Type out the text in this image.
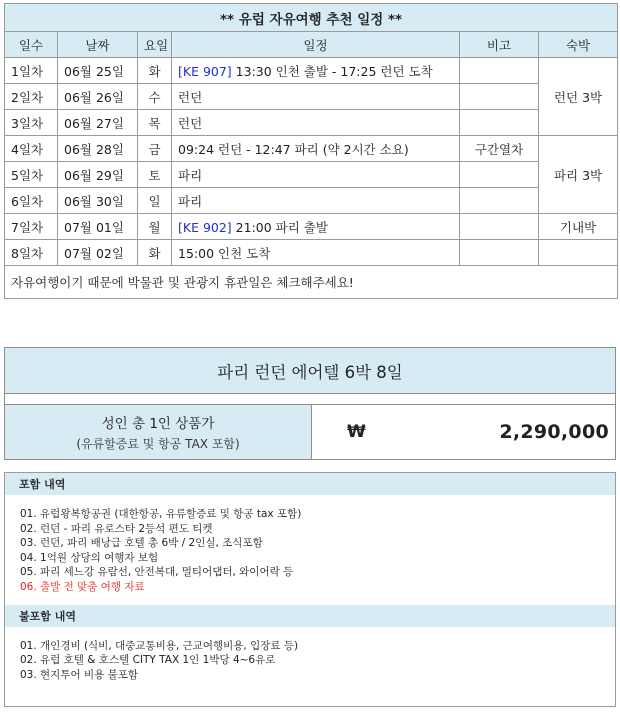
** 유럽 자유여행 추천 일정 **					
일수	날짜	요일	일정	비고	숙박
1일차	06월 25일	화	[KE 907] 13:30 인천 출발 - 17:25 런던 도착		런던 3박
2일차	06월 26일	수	런던		
3일차	06월 27일	목	런던		
4일차	06월 28일	금	09:24 런던 - 12:47 파리 (약 2시간 소요)	구간열차	파리 3박
5일차	06월 29일	토	파리		
6일차	06월 30일	일	파리		
7일차	07월 01일	월	[KE 902] 21:00 파리 출발		기내박
8일차	07월 02일	화	15:00 인천 도착		
자유여행이기 때문에 박물관 및 관광지 휴관일은 체크해주세요!					
파리 런던 에어텔 6박 8일
성인 총 1인 상품가
(유류할증료 및 항공 TAX 포함)
₩	2,290,000
포함 내역
01. 유럽왕복항공권 (대한항공, 유류할증료 및 항공 tax 포함)
02. 런던 - 파리 유로스타 2등석 편도 티켓
03. 런던, 파리 배낭급 호텔 총 6박 / 2인실, 조식포함
04. 1억원 상당의 여행자 보험
05. 파리 세느강 유람선, 안전복대, 멀티어댑터, 와이어락 등
06. 출발 전 맞춤 여행 자료
불포함 내역
01. 개인경비 (식비, 대중교통비용, 근교여행비용, 입장료 등)
02. 유럽 호텔 & 호스텔 CITY TAX 1인 1박당 4~6유로
03. 현지투어 비용 불포함
